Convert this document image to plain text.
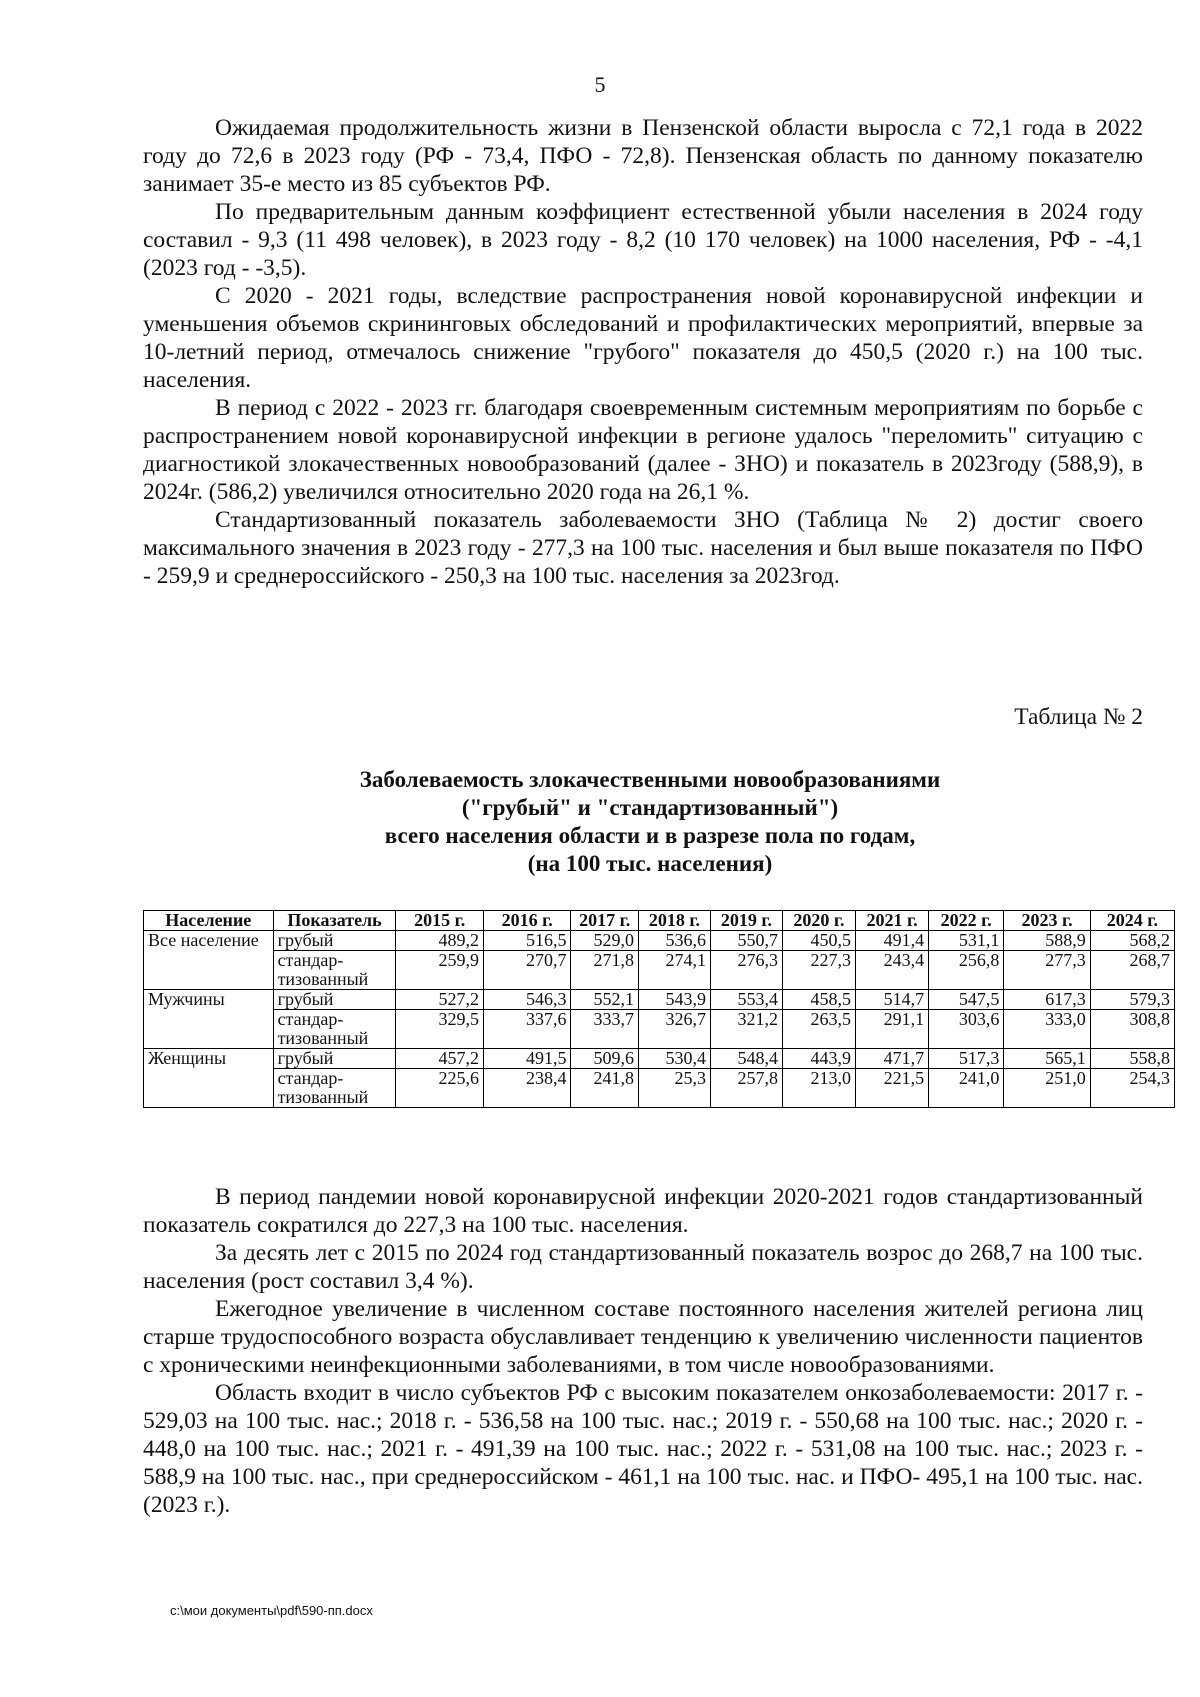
5

Ожидаемая продолжительность жизни в Пензенской области выросла с 72,1 года в 2022 году до 72,6 в 2023 году (РФ - 73,4, ПФО - 72,8). Пензенская область по данному показателю занимает 35-е место из 85 субъектов РФ.

По предварительным данным коэффициент естественной убыли населения в 2024 году составил - 9,3 (11 498 человек), в 2023 году - 8,2 (10 170 человек) на 1000 населения, РФ - -4,1 (2023 год - -3,5).

С 2020 - 2021 годы, вследствие распространения новой коронавирусной инфекции и уменьшения объемов скрининговых обследований и профилактических мероприятий, впервые за 10-летний период, отмечалось снижение "грубого" показателя до 450,5 (2020 г.) на 100 тыс. населения.

В период с 2022 - 2023 гг. благодаря своевременным системным мероприятиям по борьбе с распространением новой коронавирусной инфекции в регионе удалось "переломить" ситуацию с диагностикой злокачественных новообразований (далее - ЗНО) и показатель в 2023году (588,9), в 2024г. (586,2) увеличился относительно 2020 года на 26,1 %.

Стандартизованный показатель заболеваемости ЗНО (Таблица № 2) достиг своего максимального значения в 2023 году - 277,3 на 100 тыс. населения и был выше показателя по ПФО - 259,9 и среднероссийского - 250,3 на 100 тыс. населения за 2023год.

Таблица № 2
Заболеваемость злокачественными новообразованиями
("грубый" и "стандартизованный")
всего населения области и в разрезе пола по годам,
(на 100 тыс. населения)
Население	Показатель	2015 г.	2016 г.	2017 г.	2018 г.	2019 г.	2020 г.	2021 г.	2022 г.	2023 г.	2024 г.
Все население	грубый	489,2	516,5	529,0	536,6	550,7	450,5	491,4	531,1	588,9	568,2
	стандар-тизованный	259,9	270,7	271,8	274,1	276,3	227,3	243,4	256,8	277,3	268,7
Мужчины	грубый	527,2	546,3	552,1	543,9	553,4	458,5	514,7	547,5	617,3	579,3
	стандар-тизованный	329,5	337,6	333,7	326,7	321,2	263,5	291,1	303,6	333,0	308,8
Женщины	грубый	457,2	491,5	509,6	530,4	548,4	443,9	471,7	517,3	565,1	558,8
	стандар-тизованный	225,6	238,4	241,8	25,3	257,8	213,0	221,5	241,0	251,0	254,3

В период пандемии новой коронавирусной инфекции 2020-2021 годов стандартизованный показатель сократился до 227,3 на 100 тыс. населения.

За десять лет с 2015 по 2024 год стандартизованный показатель возрос до 268,7 на 100 тыс. населения (рост составил 3,4 %).

Ежегодное увеличение в численном составе постоянного населения жителей региона лиц старше трудоспособного возраста обуславливает тенденцию к увеличению численности пациентов с хроническими неинфекционными заболеваниями, в том числе новообразованиями.

Область входит в число субъектов РФ с высоким показателем онкозаболеваемости: 2017 г. - 529,03 на 100 тыс. нас.; 2018 г. - 536,58 на 100 тыс. нас.; 2019 г. - 550,68 на 100 тыс. нас.; 2020 г. - 448,0 на 100 тыс. нас.; 2021 г. - 491,39 на 100 тыс. нас.; 2022 г. - 531,08 на 100 тыс. нас.; 2023 г. - 588,9 на 100 тыс. нас., при среднероссийском - 461,1 на 100 тыс. нас. и ПФО- 495,1 на 100 тыс. нас. (2023 г.).

c:\мои документы\pdf\590-пп.docx
